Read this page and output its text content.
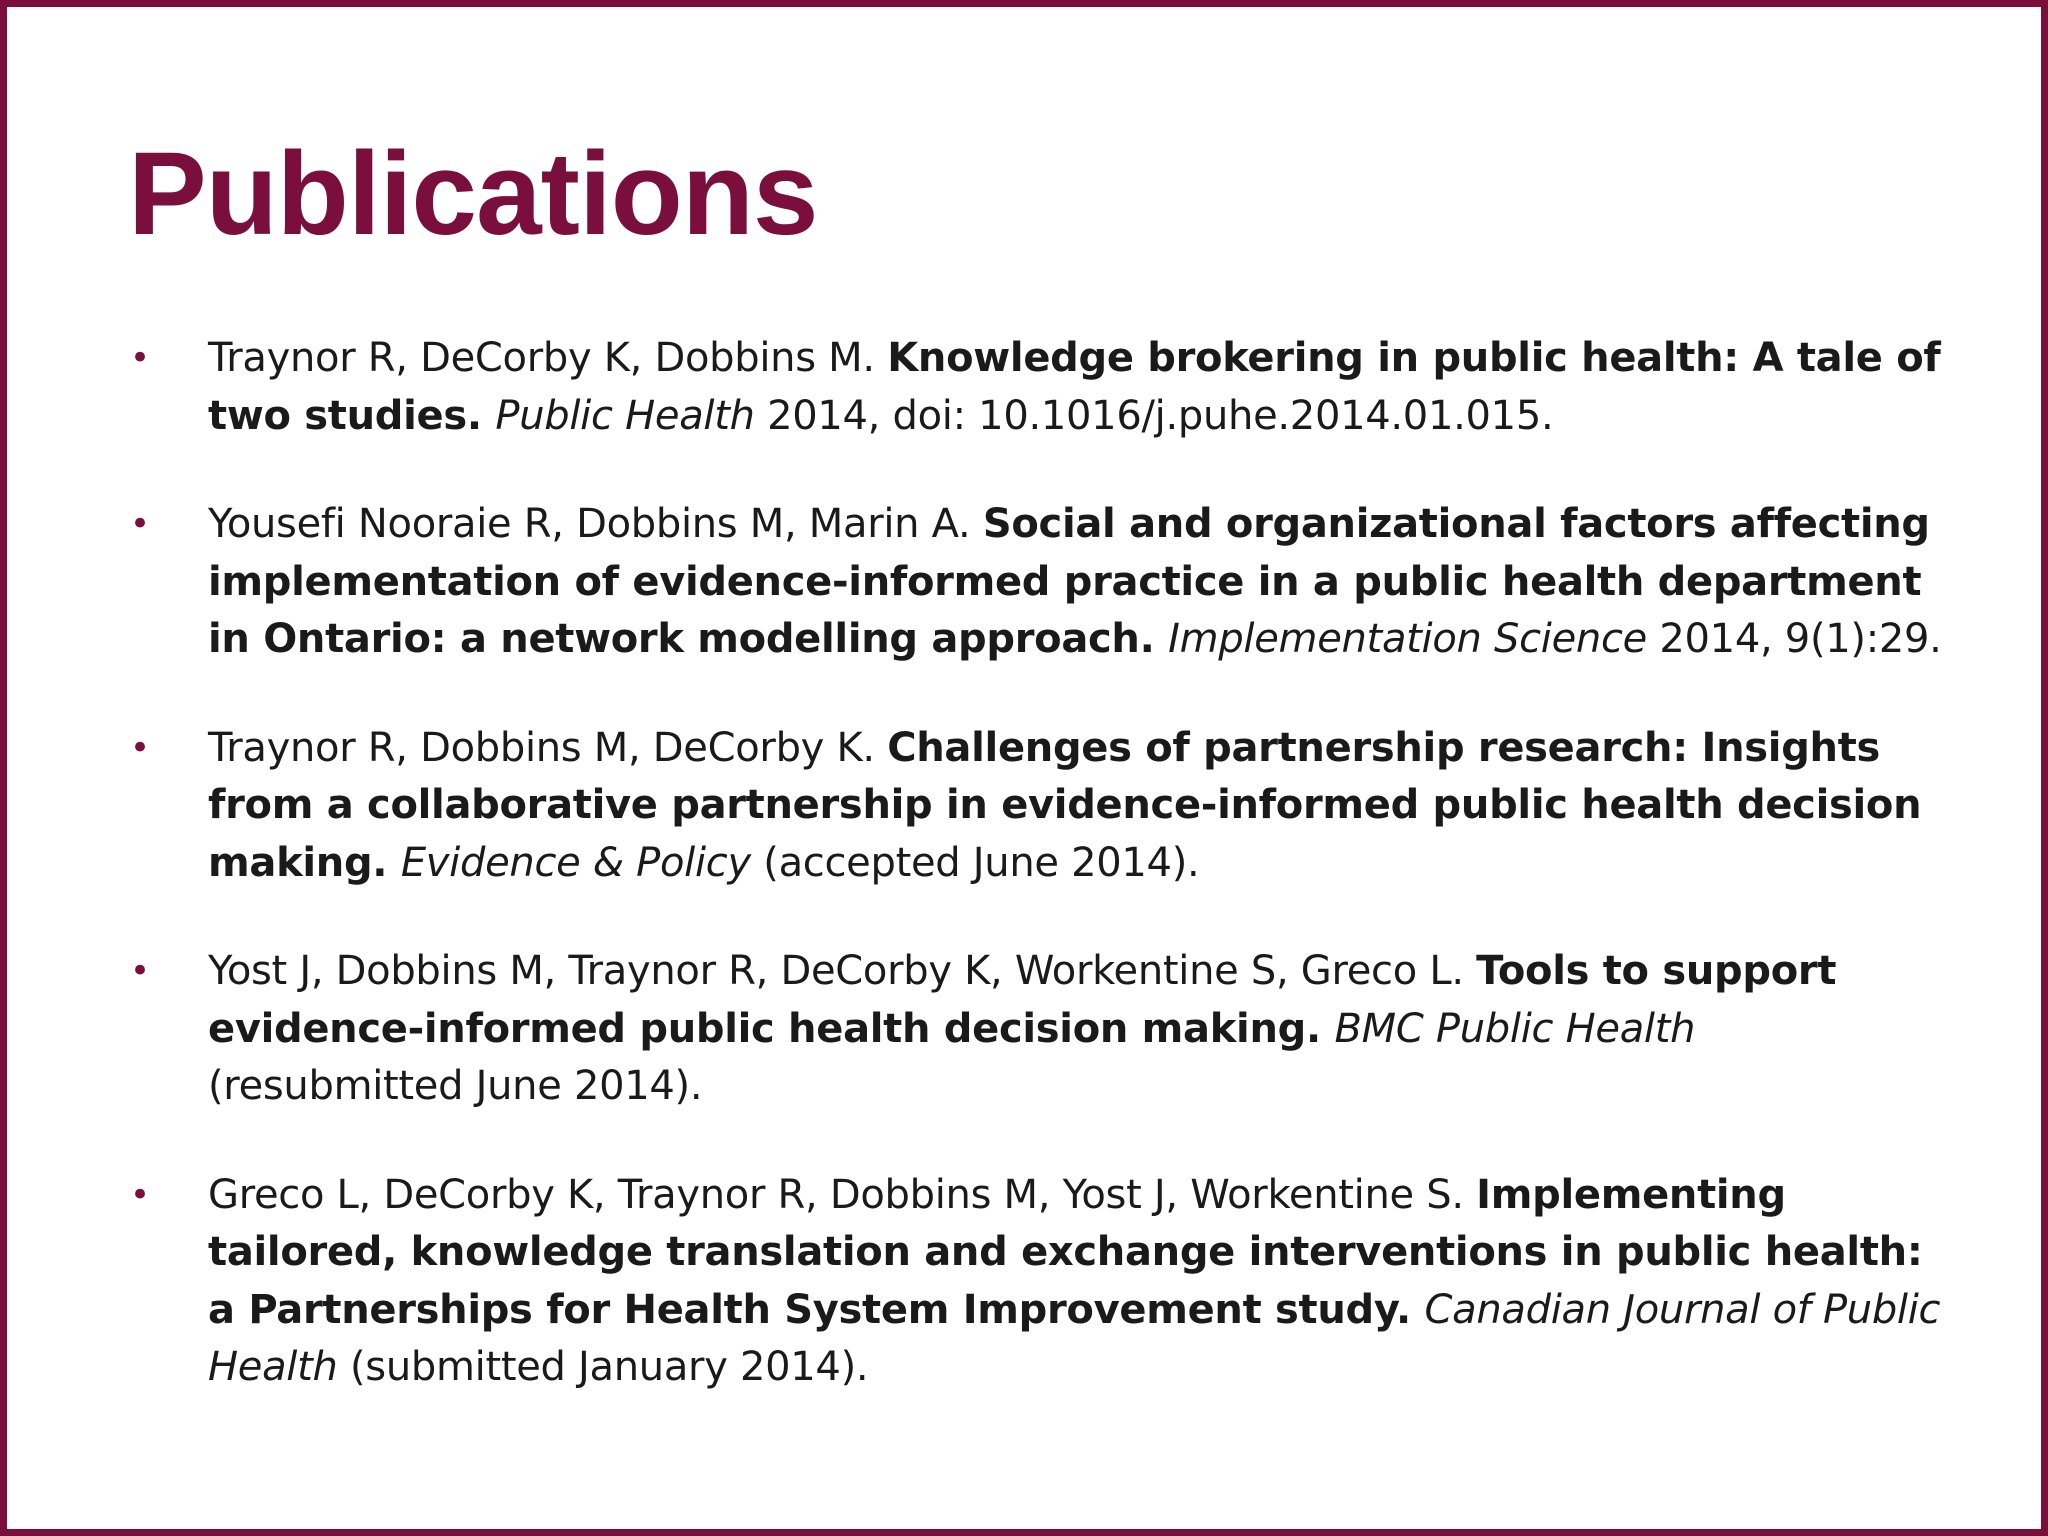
Publications
• Traynor R, DeCorby K, Dobbins M. Knowledge brokering in public health: A tale of two studies. Public Health 2014, doi: 10.1016/j.puhe.2014.01.015.
• Yousefi Nooraie R, Dobbins M, Marin A. Social and organizational factors affecting implementation of evidence-informed practice in a public health department in Ontario: a network modelling approach. Implementation Science 2014, 9(1):29.
• Traynor R, Dobbins M, DeCorby K. Challenges of partnership research: Insights from a collaborative partnership in evidence-informed public health decision making. Evidence & Policy (accepted June 2014).
• Yost J, Dobbins M, Traynor R, DeCorby K, Workentine S, Greco L. Tools to support evidence-informed public health decision making. BMC Public Health (resubmitted June 2014).
• Greco L, DeCorby K, Traynor R, Dobbins M, Yost J, Workentine S. Implementing tailored, knowledge translation and exchange interventions in public health: a Partnerships for Health System Improvement study. Canadian Journal of Public Health (submitted January 2014).
